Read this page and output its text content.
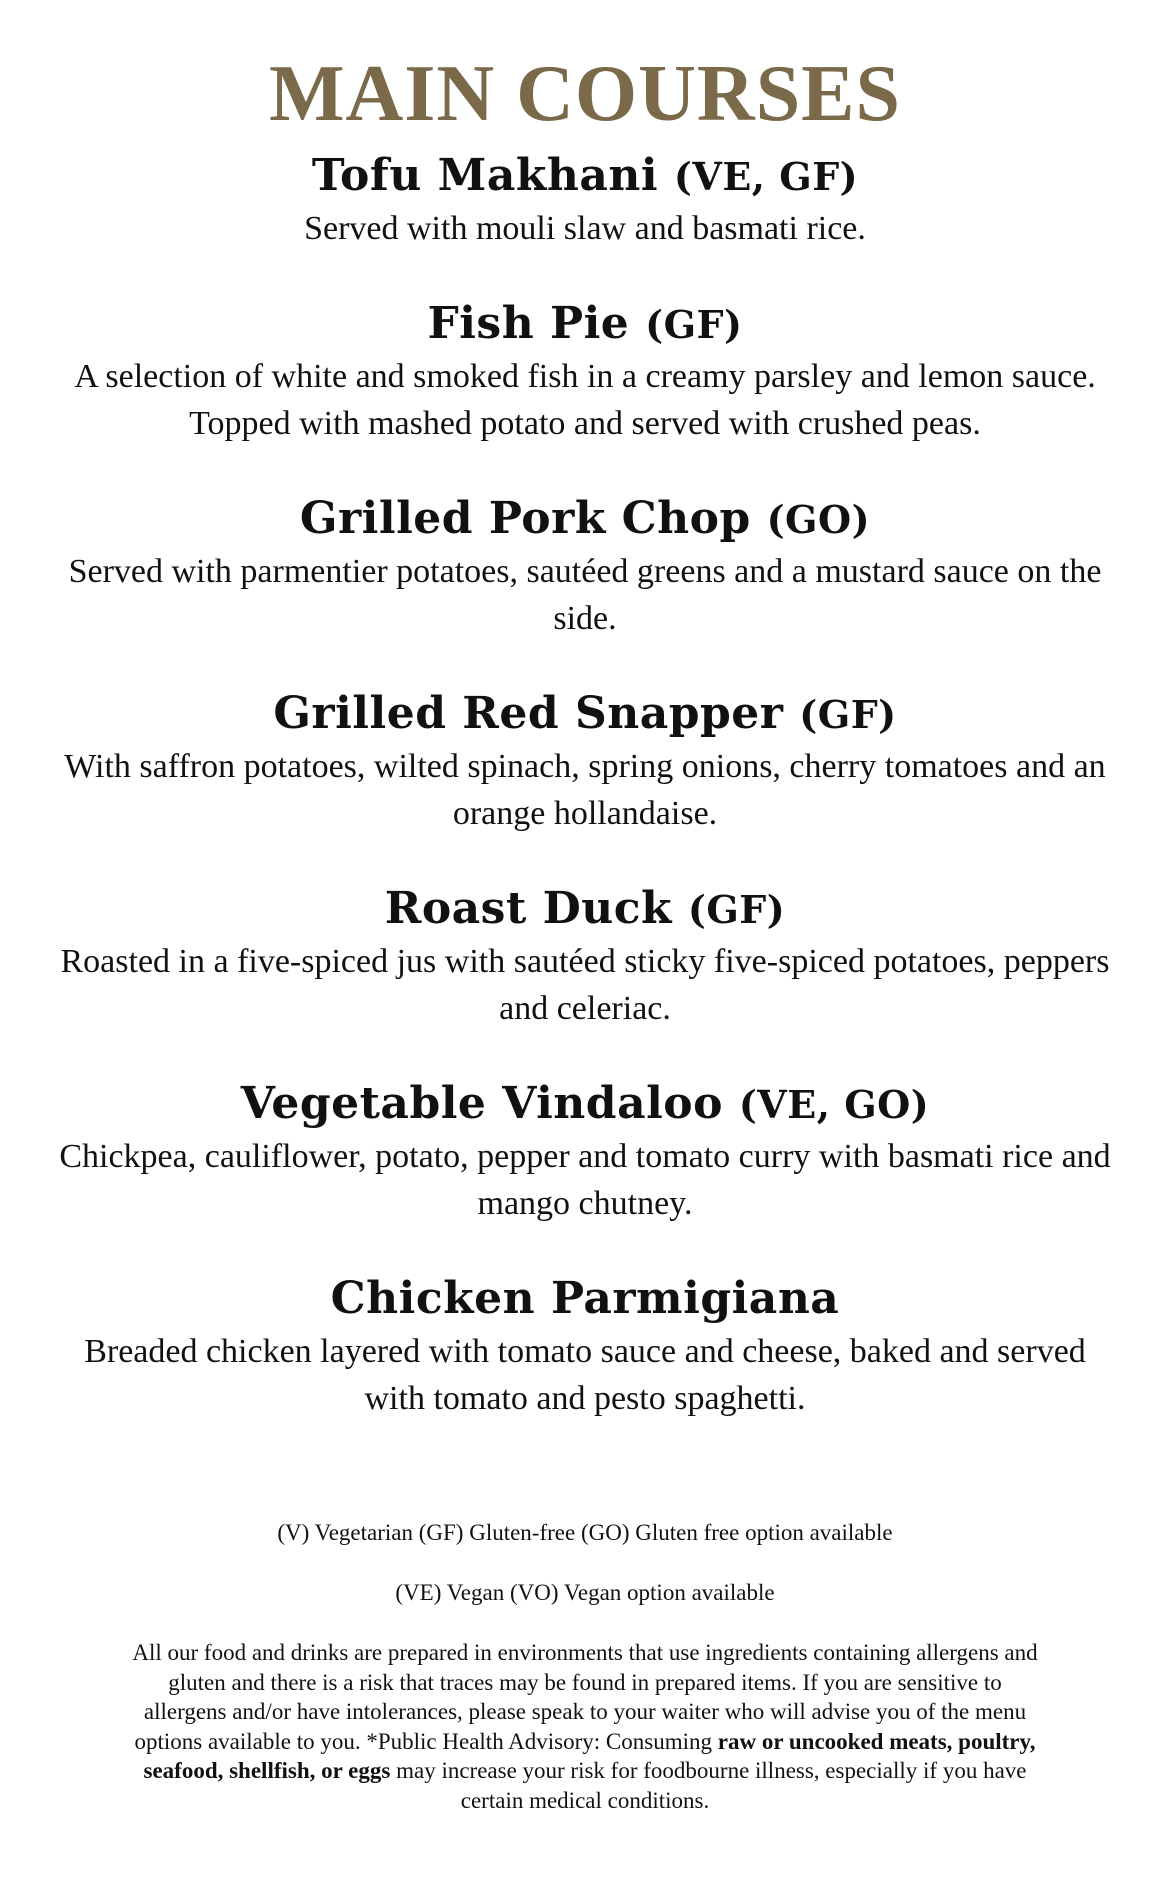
MAIN COURSES
Tofu Makhani (VE, GF)

Served with mouli slaw and basmati rice.

Fish Pie (GF)

A selection of white and smoked fish in a creamy parsley and lemon sauce. Topped with mashed potato and served with crushed peas.

Grilled Pork Chop (GO)

Served with parmentier potatoes, sautéed greens and a mustard sauce on the side.

Grilled Red Snapper (GF)

With saffron potatoes, wilted spinach, spring onions, cherry tomatoes and an orange hollandaise.

Roast Duck (GF)

Roasted in a five-spiced jus with sautéed sticky five-spiced potatoes, peppers and celeriac.

Vegetable Vindaloo (VE, GO)

Chickpea, cauliflower, potato, pepper and tomato curry with basmati rice and mango chutney.

Chicken Parmigiana

Breaded chicken layered with tomato sauce and cheese, baked and served with tomato and pesto spaghetti.

(V) Vegetarian (GF) Gluten-free (GO) Gluten free option available

(VE) Vegan (VO) Vegan option available

All our food and drinks are prepared in environments that use ingredients containing allergens and gluten and there is a risk that traces may be found in prepared items. If you are sensitive to allergens and/or have intolerances, please speak to your waiter who will advise you of the menu options available to you. *Public Health Advisory: Consuming raw or uncooked meats, poultry, seafood, shellfish, or eggs may increase your risk for foodbourne illness, especially if you have certain medical conditions.
